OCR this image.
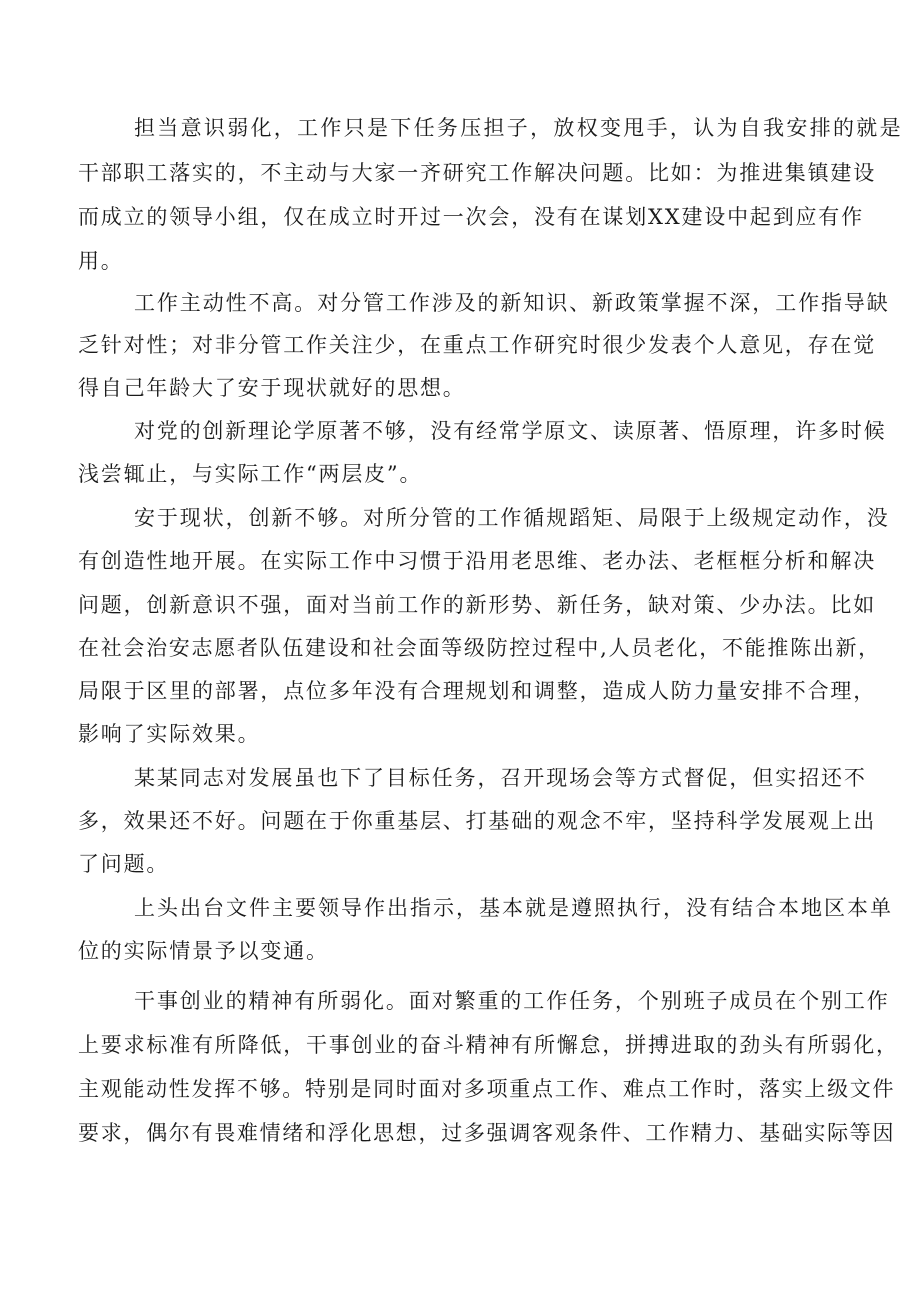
担当意识弱化，工作只是下任务压担子，放权变甩手，认为自我安排的就是
干部职工落实的，不主动与大家一齐研究工作解决问题。比如：为推进集镇建设
而成立的领导小组，仅在成立时开过一次会，没有在谋划XX建设中起到应有作
用。
工作主动性不高。对分管工作涉及的新知识、新政策掌握不深，工作指导缺
乏针对性；对非分管工作关注少，在重点工作研究时很少发表个人意见，存在觉
得自己年龄大了安于现状就好的思想。
对党的创新理论学原著不够，没有经常学原文、读原著、悟原理，许多时候
浅尝辄止，与实际工作“两层皮”。
安于现状，创新不够。对所分管的工作循规蹈矩、局限于上级规定动作，没
有创造性地开展。在实际工作中习惯于沿用老思维、老办法、老框框分析和解决
问题，创新意识不强，面对当前工作的新形势、新任务，缺对策、少办法。比如
在社会治安志愿者队伍建设和社会面等级防控过程中,人员老化，不能推陈出新，
局限于区里的部署，点位多年没有合理规划和调整，造成人防力量安排不合理，
影响了实际效果。
某某同志对发展虽也下了目标任务，召开现场会等方式督促，但实招还不
多，效果还不好。问题在于你重基层、打基础的观念不牢，坚持科学发展观上出
了问题。
上头出台文件主要领导作出指示，基本就是遵照执行，没有结合本地区本单
位的实际情景予以变通。
干事创业的精神有所弱化。面对繁重的工作任务，个别班子成员在个别工作
上要求标准有所降低，干事创业的奋斗精神有所懈怠，拼搏进取的劲头有所弱化，
主观能动性发挥不够。特别是同时面对多项重点工作、难点工作时，落实上级文件
要求，偶尔有畏难情绪和浮化思想，过多强调客观条件、工作精力、基础实际等因
